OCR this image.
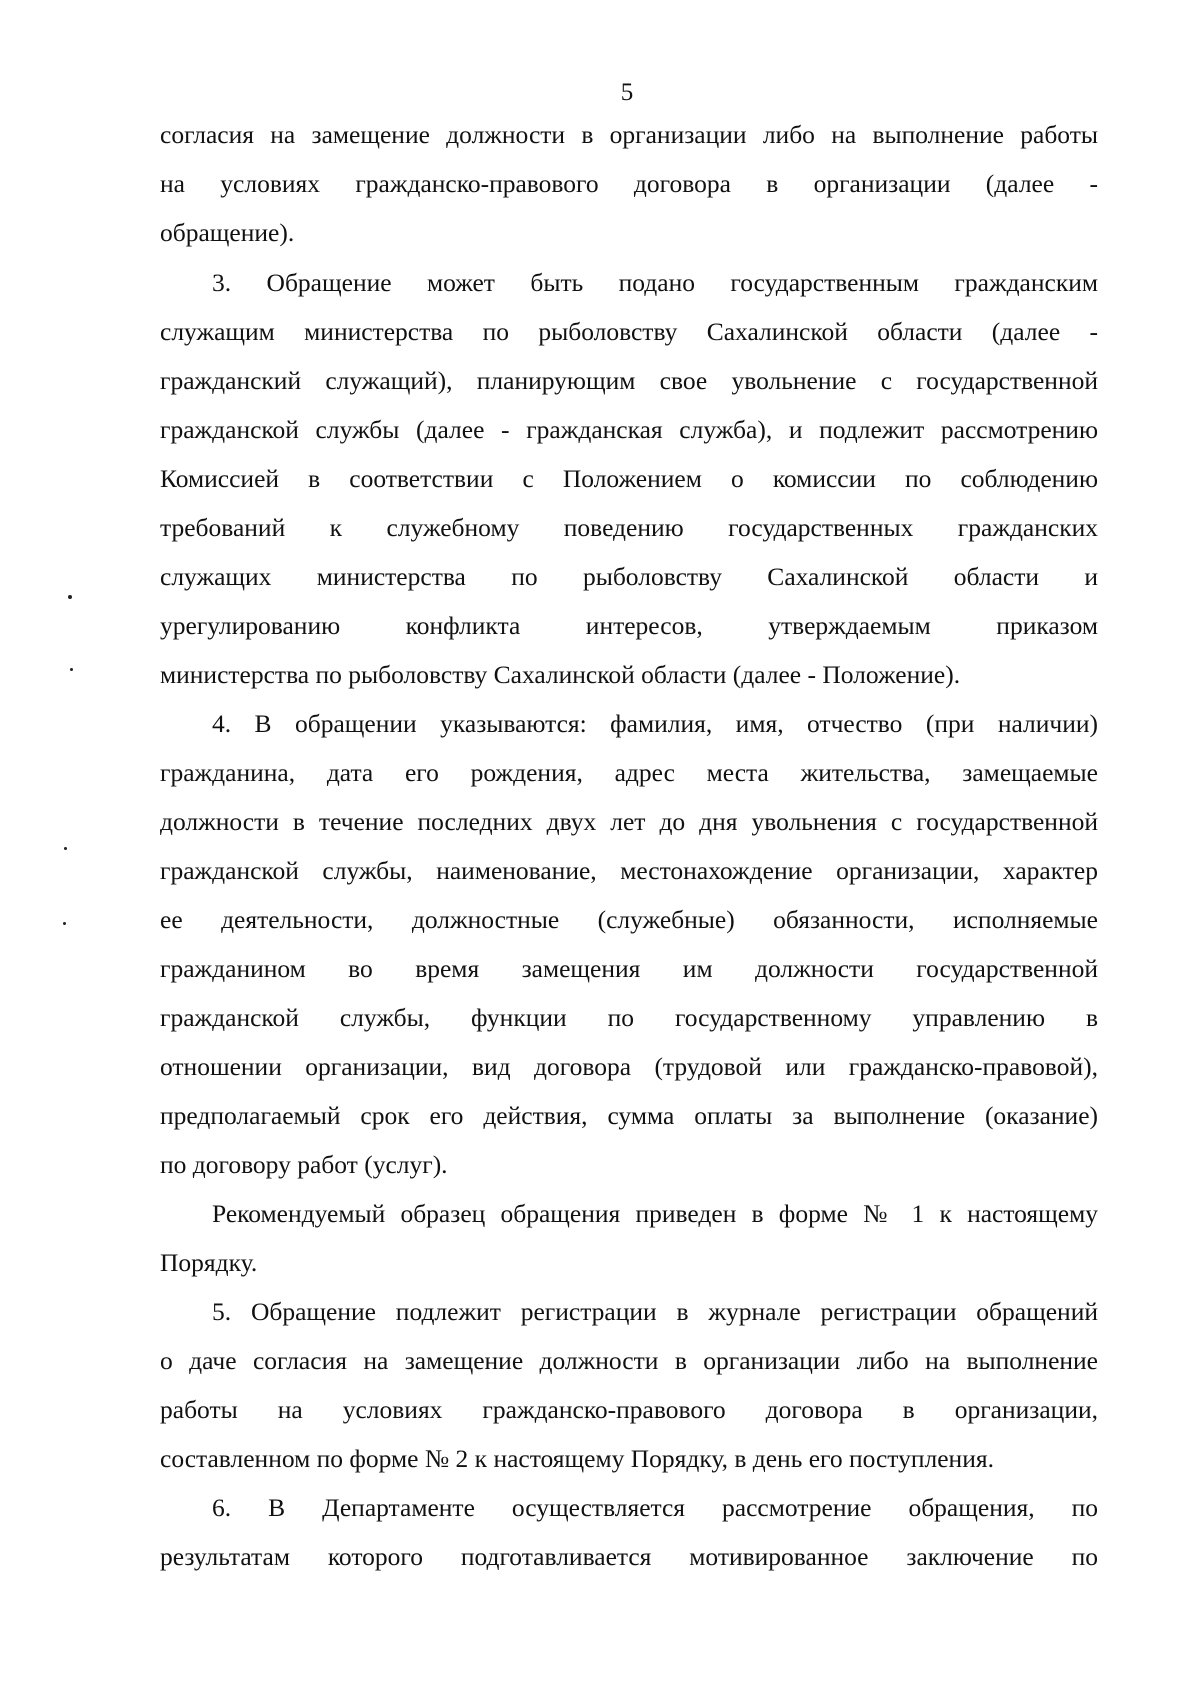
5

согласия на замещение должности в организации либо на выполнение работы

на условиях гражданско-правового договора в организации (далее -

обращение).

3. Обращение может быть подано государственным гражданским

служащим министерства по рыболовству Сахалинской области (далее -

гражданский служащий), планирующим свое увольнение с государственной

гражданской службы (далее - гражданская служба), и подлежит рассмотрению

Комиссией в соответствии с Положением о комиссии по соблюдению

требований к служебному поведению государственных гражданских

служащих министерства по рыболовству Сахалинской области и

урегулированию конфликта интересов, утверждаемым приказом

министерства по рыболовству Сахалинской области (далее - Положение).

4. В обращении указываются: фамилия, имя, отчество (при наличии)

гражданина, дата его рождения, адрес места жительства, замещаемые

должности в течение последних двух лет до дня увольнения с государственной

гражданской службы, наименование, местонахождение организации, характер

ее деятельности, должностные (служебные) обязанности, исполняемые

гражданином во время замещения им должности государственной

гражданской службы, функции по государственному управлению в

отношении организации, вид договора (трудовой или гражданско-правовой),

предполагаемый срок его действия, сумма оплаты за выполнение (оказание)

по договору работ (услуг).

Рекомендуемый образец обращения приведен в форме № 1 к настоящему

Порядку.

5. Обращение подлежит регистрации в журнале регистрации обращений

о даче согласия на замещение должности в организации либо на выполнение

работы на условиях гражданско-правового договора в организации,

составленном по форме № 2 к настоящему Порядку, в день его поступления.

6. В Департаменте осуществляется рассмотрение обращения, по

результатам которого подготавливается мотивированное заключение по
